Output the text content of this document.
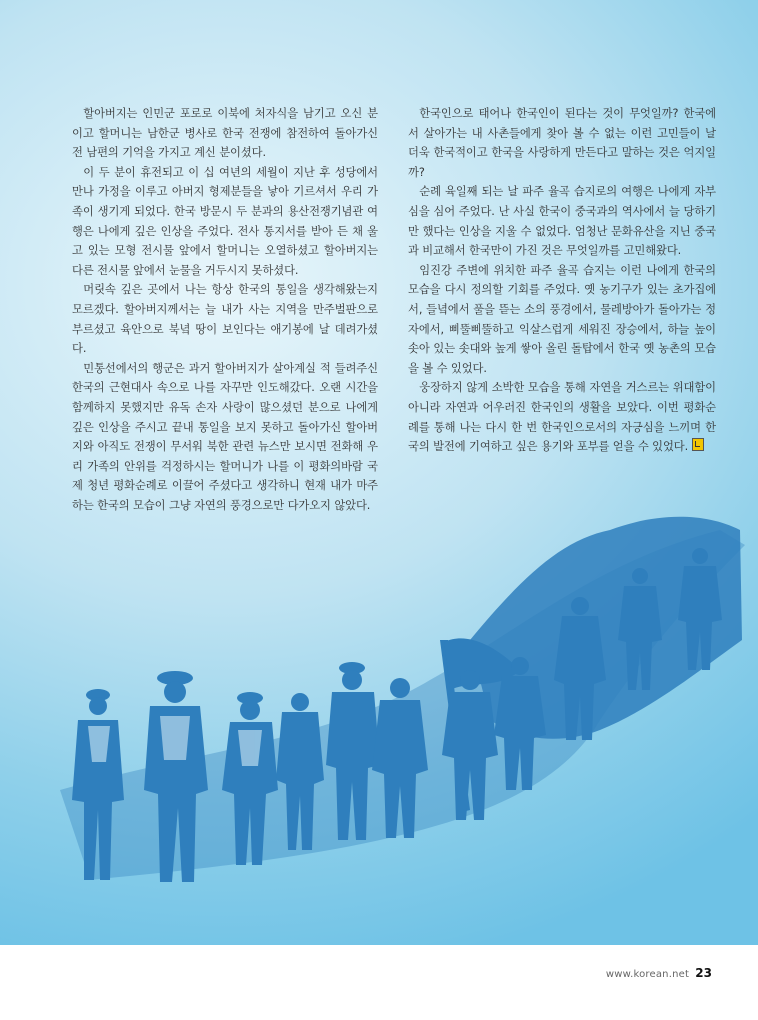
할아버지는 인민군 포로로 이북에 처자식을 남기고 오신 분이고 할머니는 남한군 병사로 한국 전쟁에 참전하여 돌아가신 전 남편의 기억을 가지고 계신 분이셨다.

이 두 분이 휴전되고 이 십 여년의 세월이 지난 후 성당에서 만나 가정을 이루고 아버지 형제분들을 낳아 기르셔서 우리 가족이 생기게 되었다. 한국 방문시 두 분과의 용산전쟁기념관 여행은 나에게 깊은 인상을 주었다. 전사 통지서를 받아 든 채 울고 있는 모형 전시물 앞에서 할머니는 오열하셨고 할아버지는 다른 전시물 앞에서 눈물을 거두시지 못하셨다.

머릿속 깊은 곳에서 나는 항상 한국의 통일을 생각해왔는지 모르겠다. 할아버지께서는 늘 내가 사는 지역을 만주벌판으로 부르셨고 육안으로 북녘 땅이 보인다는 애기봉에 날 데려가셨다.

민통선에서의 행군은 과거 할아버지가 살아계실 적 들려주신 한국의 근현대사 속으로 나를 자꾸만 인도해갔다. 오랜 시간을 함께하지 못했지만 유독 손자 사랑이 많으셨던 분으로 나에게 깊은 인상을 주시고 끝내 통일을 보지 못하고 돌아가신 할아버지와 아직도 전쟁이 무서워 북한 관련 뉴스만 보시면 전화해 우리 가족의 안위를 걱정하시는 할머니가 나를 이 평화의바람 국제 청년 평화순례로 이끌어 주셨다고 생각하니 현재 내가 마주하는 한국의 모습이 그냥 자연의 풍경으로만 다가오지 않았다.

한국인으로 태어나 한국인이 된다는 것이 무엇일까? 한국에서 살아가는 내 사촌들에게 찾아 볼 수 없는 이런 고민들이 날 더욱 한국적이고 한국을 사랑하게 만든다고 말하는 것은 억지일까?

순례 육일째 되는 날 파주 율곡 습지로의 여행은 나에게 자부심을 심어 주었다. 난 사실 한국이 중국과의 역사에서 늘 당하기만 했다는 인상을 지울 수 없었다. 엄청난 문화유산을 지닌 중국과 비교해서 한국만이 가진 것은 무엇일까를 고민해왔다.

임진강 주변에 위치한 파주 율곡 습지는 이런 나에게 한국의 모습을 다시 정의할 기회를 주었다. 옛 농기구가 있는 초가집에서, 들녘에서 풀을 뜯는 소의 풍경에서, 물레방아가 돌아가는 정자에서, 삐뚤삐뚤하고 익살스럽게 세워진 장승에서, 하늘 높이 솟아 있는 솟대와 높게 쌓아 올린 돌탑에서 한국 옛 농촌의 모습을 볼 수 있었다.

웅장하지 않게 소박한 모습을 통해 자연을 거스르는 위대함이 아니라 자연과 어우러진 한국인의 생활을 보았다. 이번 평화순례를 통해 나는 다시 한 번 한국인으로서의 자긍심을 느끼며 한국의 발전에 기여하고 싶은 용기와 포부를 얻을 수 있었다.

www.korean.net 23
